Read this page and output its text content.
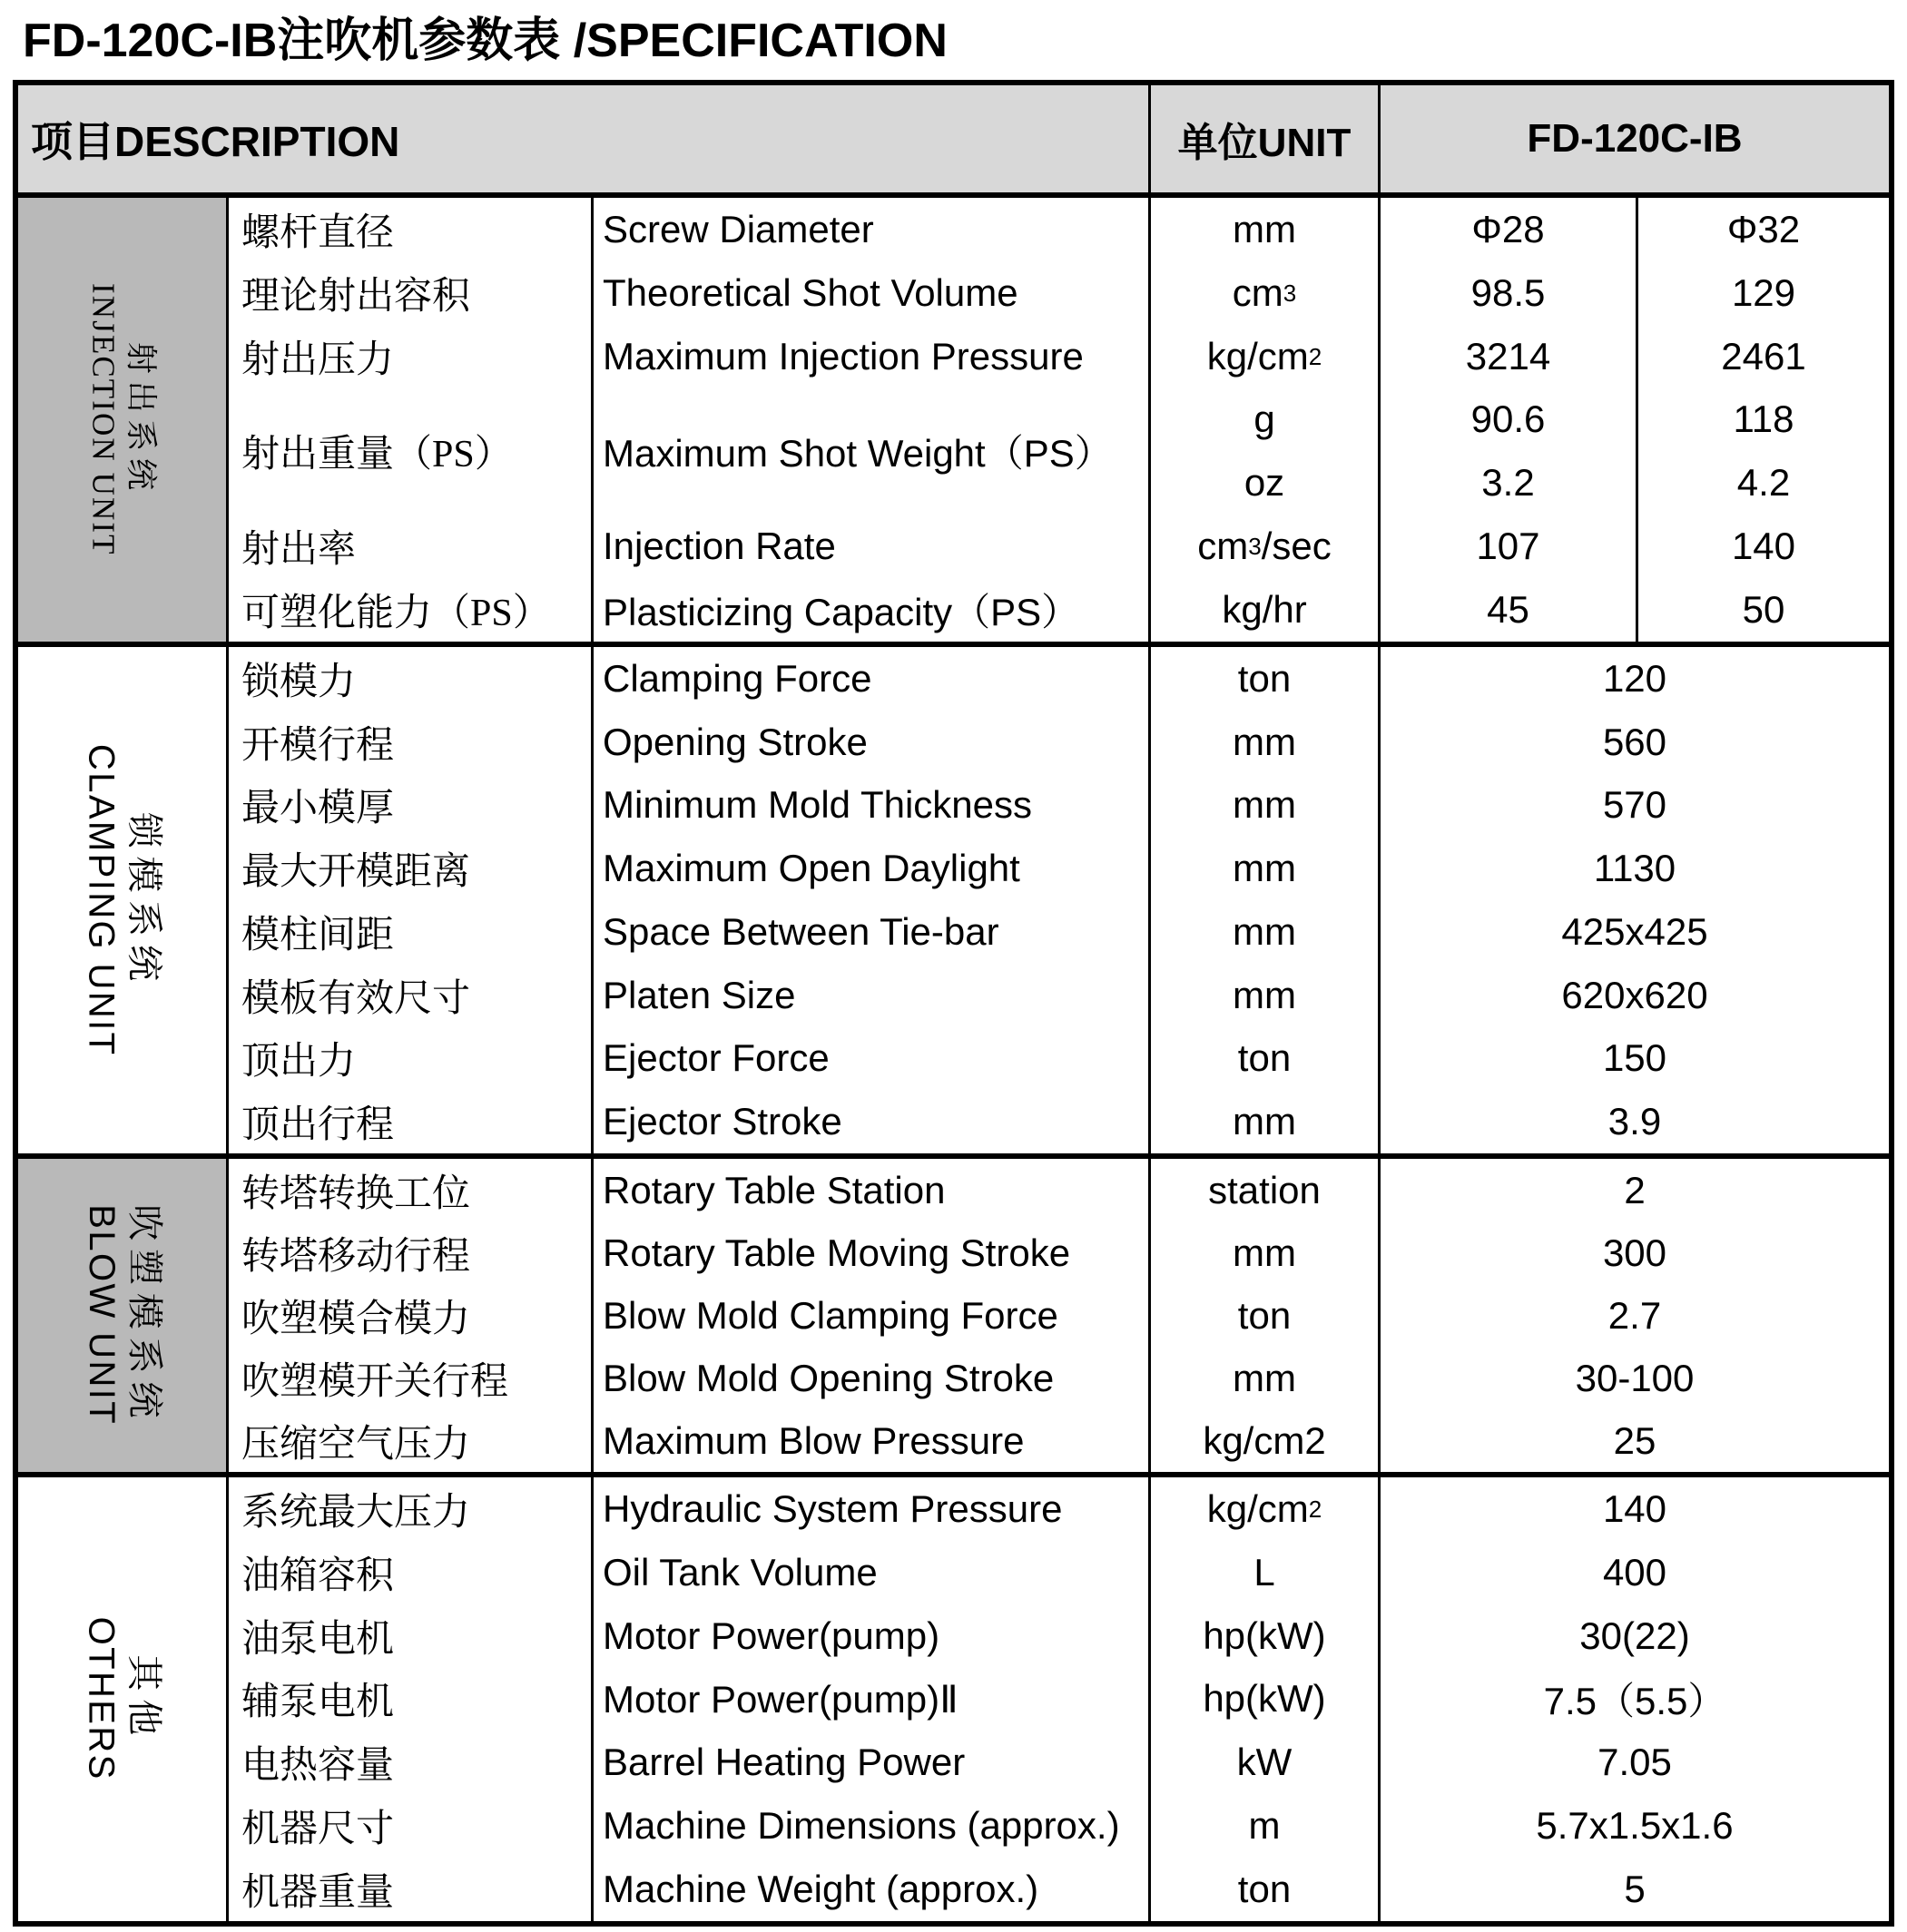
FD-120C-IB注吹机参数表 /SPECIFICATION
项目DESCRIPTION	单位UNIT	FD-120C-IB
射出系统
INJECTION UNIT
螺杆直径	Screw Diameter	mm	Φ28	Φ32
理论射出容积	Theoretical Shot Volume	cm 3	98.5	129
射出压力	Maximum Injection Pressure	kg/cm 2	3214	2461
射出重量（PS）	Maximum Shot Weight（PS）
g	90.6	118
oz	3.2	4.2
射出率	Injection Rate	cm 3 /sec	107	140
可塑化能力（PS）	Plasticizing Capacity（PS）	kg/hr	45	50
锁模系统
CLAMPING UNIT
锁模力	Clamping Force	ton	120
开模行程	Opening Stroke	mm	560
最小模厚	Minimum Mold Thickness	mm	570
最大开模距离	Maximum Open Daylight	mm	1130
模柱间距	Space Between Tie-bar	mm	425x425
模板有效尺寸	Platen Size	mm	620x620
顶出力	Ejector Force	ton	150
顶出行程	Ejector Stroke	mm	3.9
吹塑模系统
BLOW UNIT
转塔转换工位	Rotary Table Station	station	2
转塔移动行程	Rotary Table Moving Stroke	mm	300
吹塑模合模力	Blow Mold Clamping Force	ton	2.7
吹塑模开关行程	Blow Mold Opening Stroke	mm	30-100
压缩空气压力	Maximum Blow Pressure	kg/cm2	25
其他
OTHERS
系统最大压力	Hydraulic System Pressure	kg/cm 2	140
油箱容积	Oil Tank Volume	L	400
油泵电机	Motor Power(pump)	hp(kW)	30(22)
辅泵电机	Motor Power(pump)Ⅱ	hp(kW)	7.5（5.5）
电热容量	Barrel Heating Power	kW	7.05
机器尺寸	Machine Dimensions (approx.)	m	5.7x1.5x1.6
机器重量	Machine Weight (approx.)	ton	5
